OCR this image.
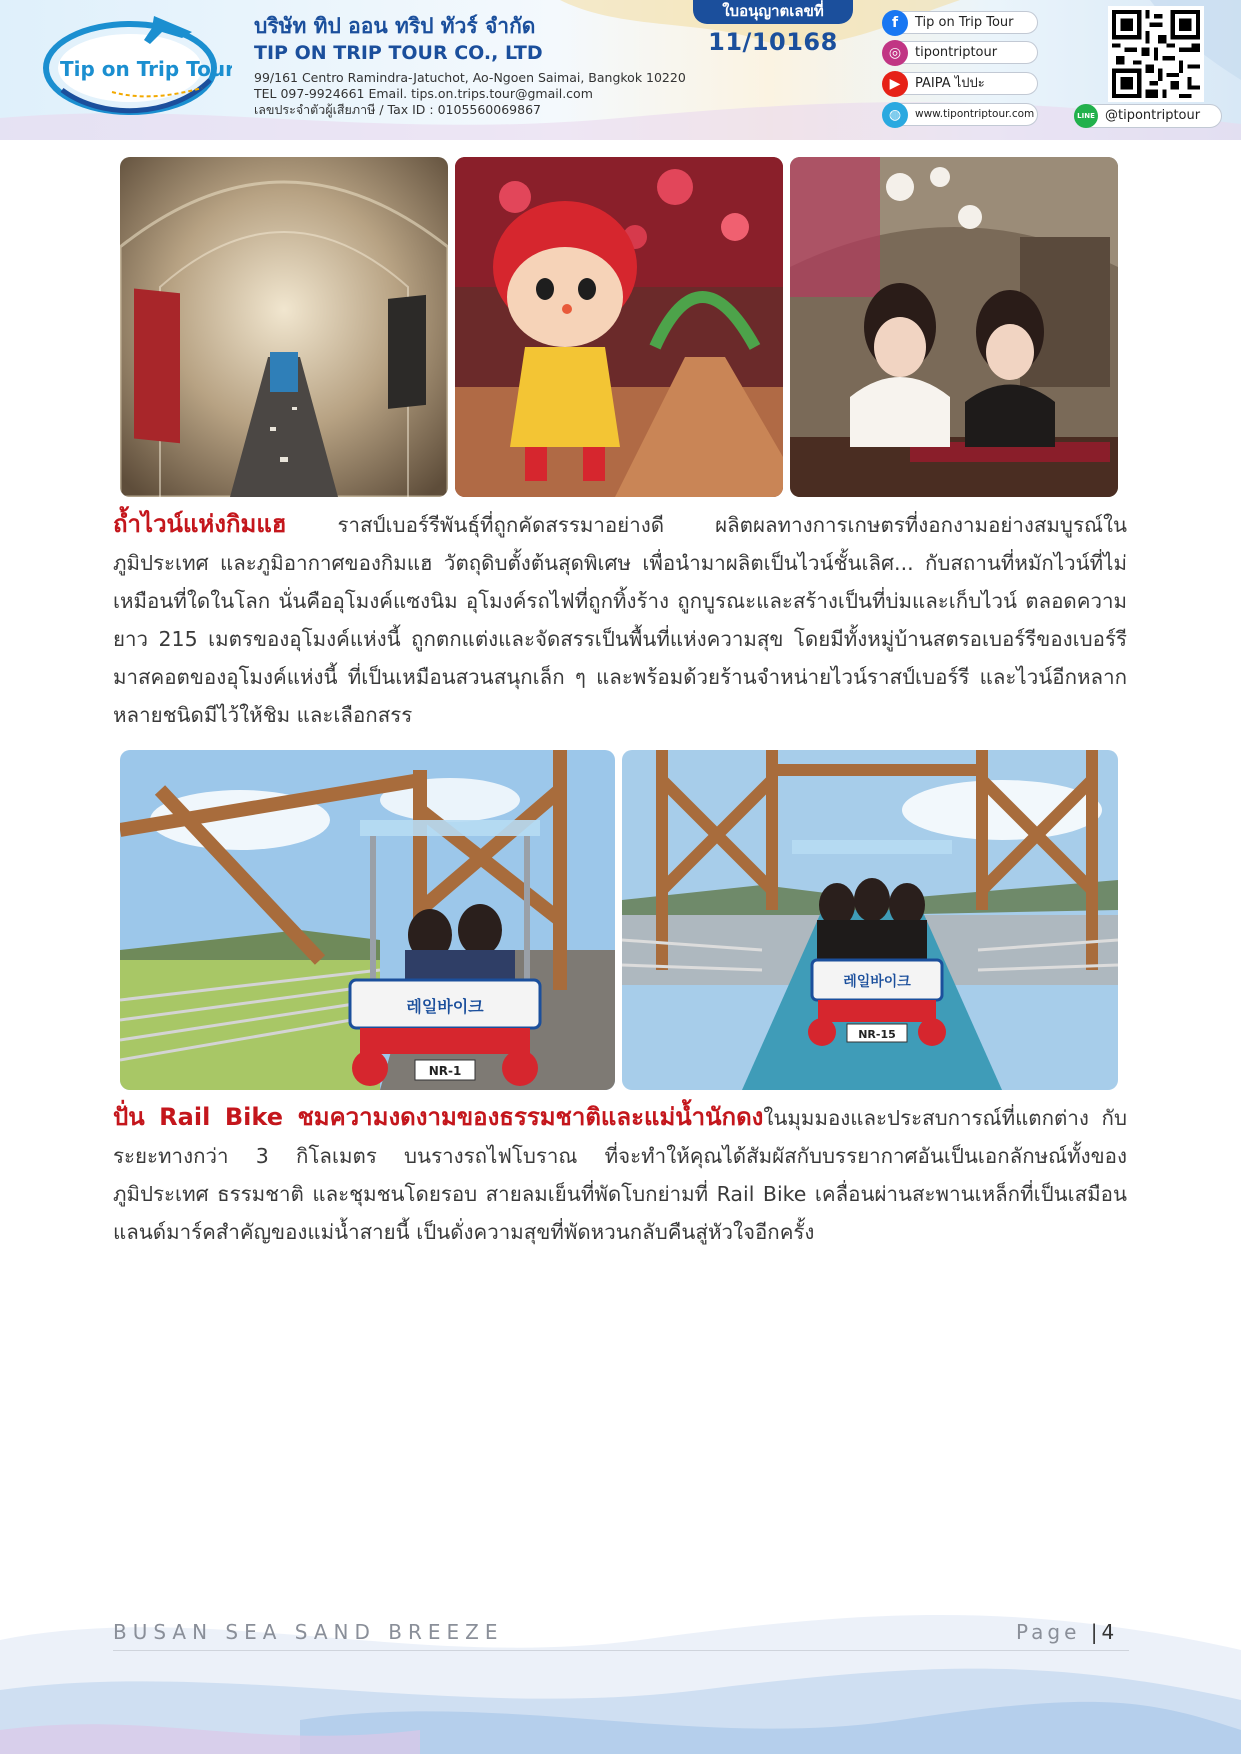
Tip on Trip Tour
บริษัท ทิป ออน ทริป ทัวร์ จำกัด
TIP ON TRIP TOUR CO., LTD
99/161 Centro Ramindra-Jatuchot, Ao-Ngoen Saimai, Bangkok 10220
TEL 097-9924661 Email. tips.on.trips.tour@gmail.com
เลขประจำตัวผู้เสียภาษี / Tax ID : 0105560069867
ใบอนุญาตเลขที่
11/10168
f	Tip on Trip Tour
◎	tipontriptour
▶	PAIPA ไปปะ
◍	www.tipontriptour.com	LINE @tipontriptour
ถ้ำไวน์แห่งกิมแฮ ราสป์เบอร์รีพันธุ์ที่ถูกคัดสรรมาอย่างดี ผลิตผลทางการเกษตรที่งอกงามอย่างสมบูรณ์ในภูมิประเทศ และภูมิอากาศของกิมแฮ วัตถุดิบตั้งต้นสุดพิเศษ เพื่อนำมาผลิตเป็นไวน์ชั้นเลิศ... กับสถานที่หมักไวน์ที่ไม่เหมือนที่ใดในโลก นั่นคืออุโมงค์แซงนิม อุโมงค์รถไฟที่ถูกทิ้งร้าง ถูกบูรณะและสร้างเป็นที่บ่มและเก็บไวน์ ตลอดความยาว 215 เมตรของอุโมงค์แห่งนี้ ถูกตกแต่งและจัดสรรเป็นพื้นที่แห่งความสุข โดยมีทั้งหมู่บ้านสตรอเบอร์รีของเบอร์รีมาสคอตของอุโมงค์แห่งนี้ ที่เป็นเหมือนสวนสนุกเล็ก ๆ และพร้อมด้วยร้านจำหน่ายไวน์ราสป์เบอร์รี และไวน์อีกหลากหลายชนิดมีไว้ให้ชิม และเลือกสรร
레일바이크
NR-1
레일바이크
NR-15
ปั่น Rail Bike ชมความงดงามของธรรมชาติและแม่น้ำนักดงในมุมมองและประสบการณ์ที่แตกต่าง กับระยะทางกว่า 3 กิโลเมตร บนรางรถไฟโบราณ ที่จะทำให้คุณได้สัมผัสกับบรรยากาศอันเป็นเอกลักษณ์ทั้งของภูมิประเทศ ธรรมชาติ และชุมชนโดยรอบ สายลมเย็นที่พัดโบกย่ามที่ Rail Bike เคลื่อนผ่านสะพานเหล็กที่เป็นเสมือนแลนด์มาร์คสำคัญของแม่น้ำสายนี้ เป็นดั่งความสุขที่พัดหวนกลับคืนสู่หัวใจอีกครั้ง
BUSAN SEA SAND BREEZE	Page | 4
